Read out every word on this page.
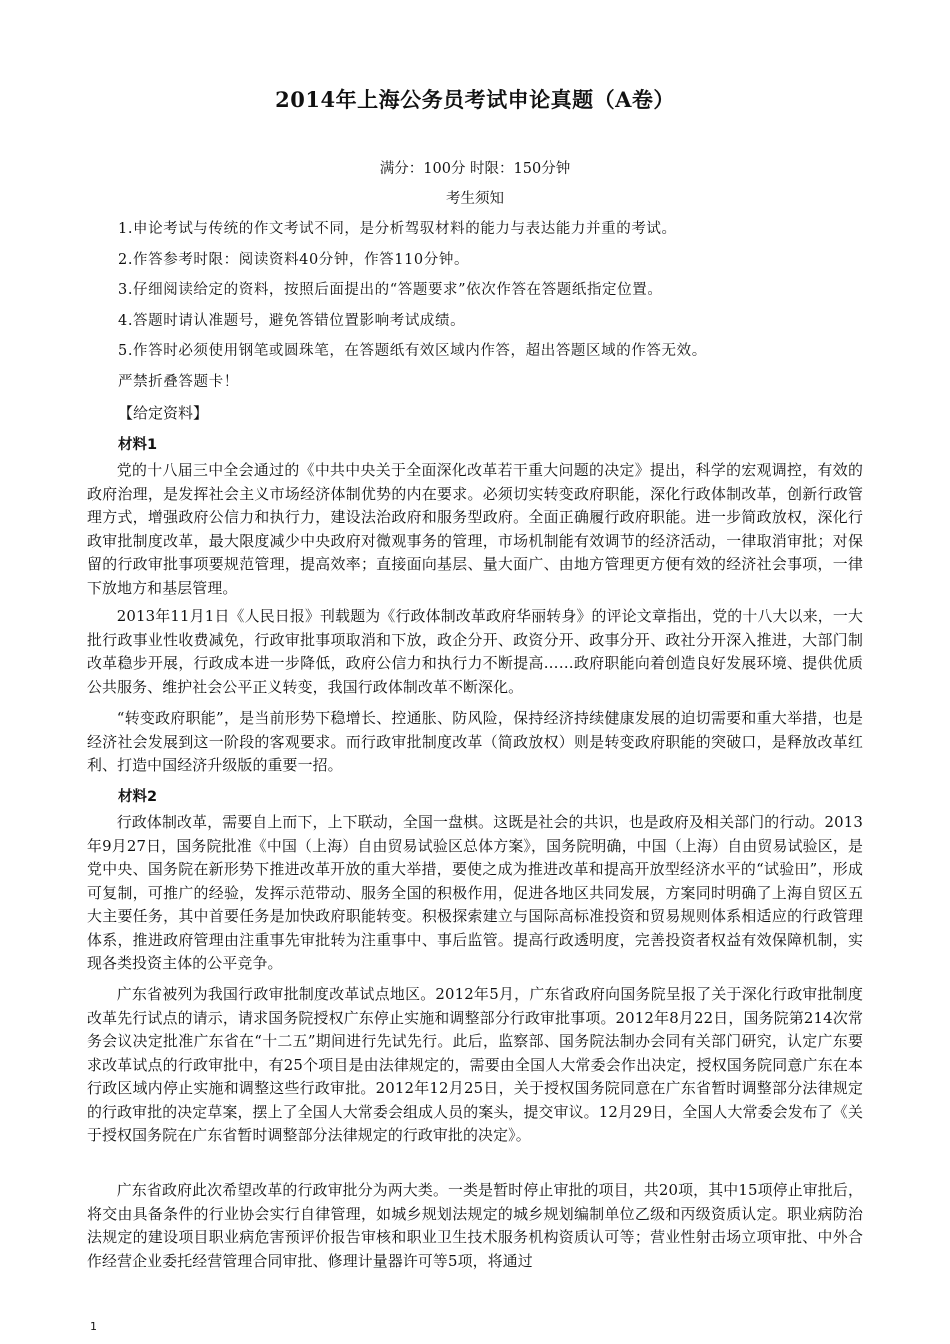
2014年上海公务员考试申论真题（A卷）
满分：100分 时限：150分钟
考生须知
1.申论考试与传统的作文考试不同，是分析驾驭材料的能力与表达能力并重的考试。
2.作答参考时限：阅读资料40分钟，作答110分钟。
3.仔细阅读给定的资料，按照后面提出的“答题要求”依次作答在答题纸指定位置。
4.答题时请认准题号，避免答错位置影响考试成绩。
5.作答时必须使用钢笔或圆珠笔，在答题纸有效区域内作答，超出答题区域的作答无效。
严禁折叠答题卡！
【给定资料】
材料1

党的十八届三中全会通过的《中共中央关于全面深化改革若干重大问题的决定》提出，科学的宏观调控，有效的政府治理，是发挥社会主义市场经济体制优势的内在要求。必须切实转变政府职能，深化行政体制改革，创新行政管理方式，增强政府公信力和执行力，建设法治政府和服务型政府。全面正确履行政府职能。进一步简政放权，深化行政审批制度改革，最大限度减少中央政府对微观事务的管理，市场机制能有效调节的经济活动，一律取消审批；对保留的行政审批事项要规范管理，提高效率；直接面向基层、量大面广、由地方管理更方便有效的经济社会事项，一律下放地方和基层管理。

2013年11月1日《人民日报》刊载题为《行政体制改革政府华丽转身》的评论文章指出，党的十八大以来，一大批行政事业性收费减免，行政审批事项取消和下放，政企分开、政资分开、政事分开、政社分开深入推进，大部门制改革稳步开展，行政成本进一步降低，政府公信力和执行力不断提高……政府职能向着创造良好发展环境、提供优质公共服务、维护社会公平正义转变，我国行政体制改革不断深化。

“转变政府职能”，是当前形势下稳增长、控通胀、防风险，保持经济持续健康发展的迫切需要和重大举措，也是经济社会发展到这一阶段的客观要求。而行政审批制度改革（简政放权）则是转变政府职能的突破口，是释放改革红利、打造中国经济升级版的重要一招。

材料2

行政体制改革，需要自上而下，上下联动，全国一盘棋。这既是社会的共识，也是政府及相关部门的行动。2013年9月27日，国务院批准《中国（上海）自由贸易试验区总体方案》，国务院明确，中国（上海）自由贸易试验区，是党中央、国务院在新形势下推进改革开放的重大举措，要使之成为推进改革和提高开放型经济水平的“试验田”，形成可复制，可推广的经验，发挥示范带动、服务全国的积极作用，促进各地区共同发展，方案同时明确了上海自贸区五大主要任务，其中首要任务是加快政府职能转变。积极探索建立与国际高标准投资和贸易规则体系相适应的行政管理体系，推进政府管理由注重事先审批转为注重事中、事后监管。提高行政透明度，完善投资者权益有效保障机制，实现各类投资主体的公平竞争。

广东省被列为我国行政审批制度改革试点地区。2012年5月，广东省政府向国务院呈报了关于深化行政审批制度改革先行试点的请示，请求国务院授权广东停止实施和调整部分行政审批事项。2012年8月22日，国务院第214次常务会议决定批准广东省在“十二五”期间进行先试先行。此后，监察部、国务院法制办会同有关部门研究，认定广东要求改革试点的行政审批中，有25个项目是由法律规定的，需要由全国人大常委会作出决定，授权国务院同意广东在本行政区域内停止实施和调整这些行政审批。2012年12月25日，关于授权国务院同意在广东省暂时调整部分法律规定的行政审批的决定草案，摆上了全国人大常委会组成人员的案头，提交审议。12月29日，全国人大常委会发布了《关于授权国务院在广东省暂时调整部分法律规定的行政审批的决定》。

广东省政府此次希望改革的行政审批分为两大类。一类是暂时停止审批的项目，共20项，其中15项停止审批后，将交由具备条件的行业协会实行自律管理，如城乡规划法规定的城乡规划编制单位乙级和丙级资质认定。职业病防治法规定的建设项目职业病危害预评价报告审核和职业卫生技术服务机构资质认可等；营业性射击场立项审批、中外合作经营企业委托经营管理合同审批、修理计量器许可等5项，将通过

1
